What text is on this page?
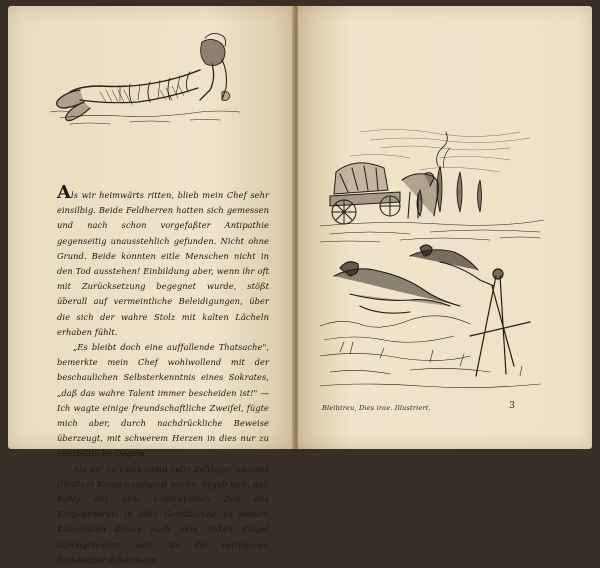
Als wir heimwärts ritten, blieb mein Chef sehr einsilbig. Beide Feldherren hatten sich gemessen und nach schon vorgefaßter Antipathie gegenseitig unausstehlich gefunden. Nicht ohne Grund. Beide konnten eitle Menschen nicht in den Tod ausstehen! Einbildung aber, wenn ihr oft mit Zurücksetzung begegnet wurde, stößt überall auf vermeintliche Beleidigungen, über die sich der wahre Stolz mit kalten Lächeln erhaben fühlt.

„Es bleibt doch eine auffallende Thatsache", bemerkte mein Chef wohlwollend mit der beschaulichen Selbsterkenntnis eines Sokrates, „daß das wahre Talent immer bescheiden ist!" — Ich wagte einige freundschaftliche Zweifel, fügte mich aber, durch nachdrückliche Beweise überzeugt, mit schwerem Herzen in dies nur zu unerbittliche Dogma.

Als wir im vieux camp beim Zeltlager unseres (fünften) Korps angelangt waren, ergab sich, daß Failly mit dem komfortablen Zelt des Korpsgenerals in aller Gemütsruhe zu seinem Kameraden Douay nach dem linken Flügel durchgebrannt war. Als die verlegenen Divisionäre daher beim

Bleibtreu, Dies irae. Illustriert.	3
